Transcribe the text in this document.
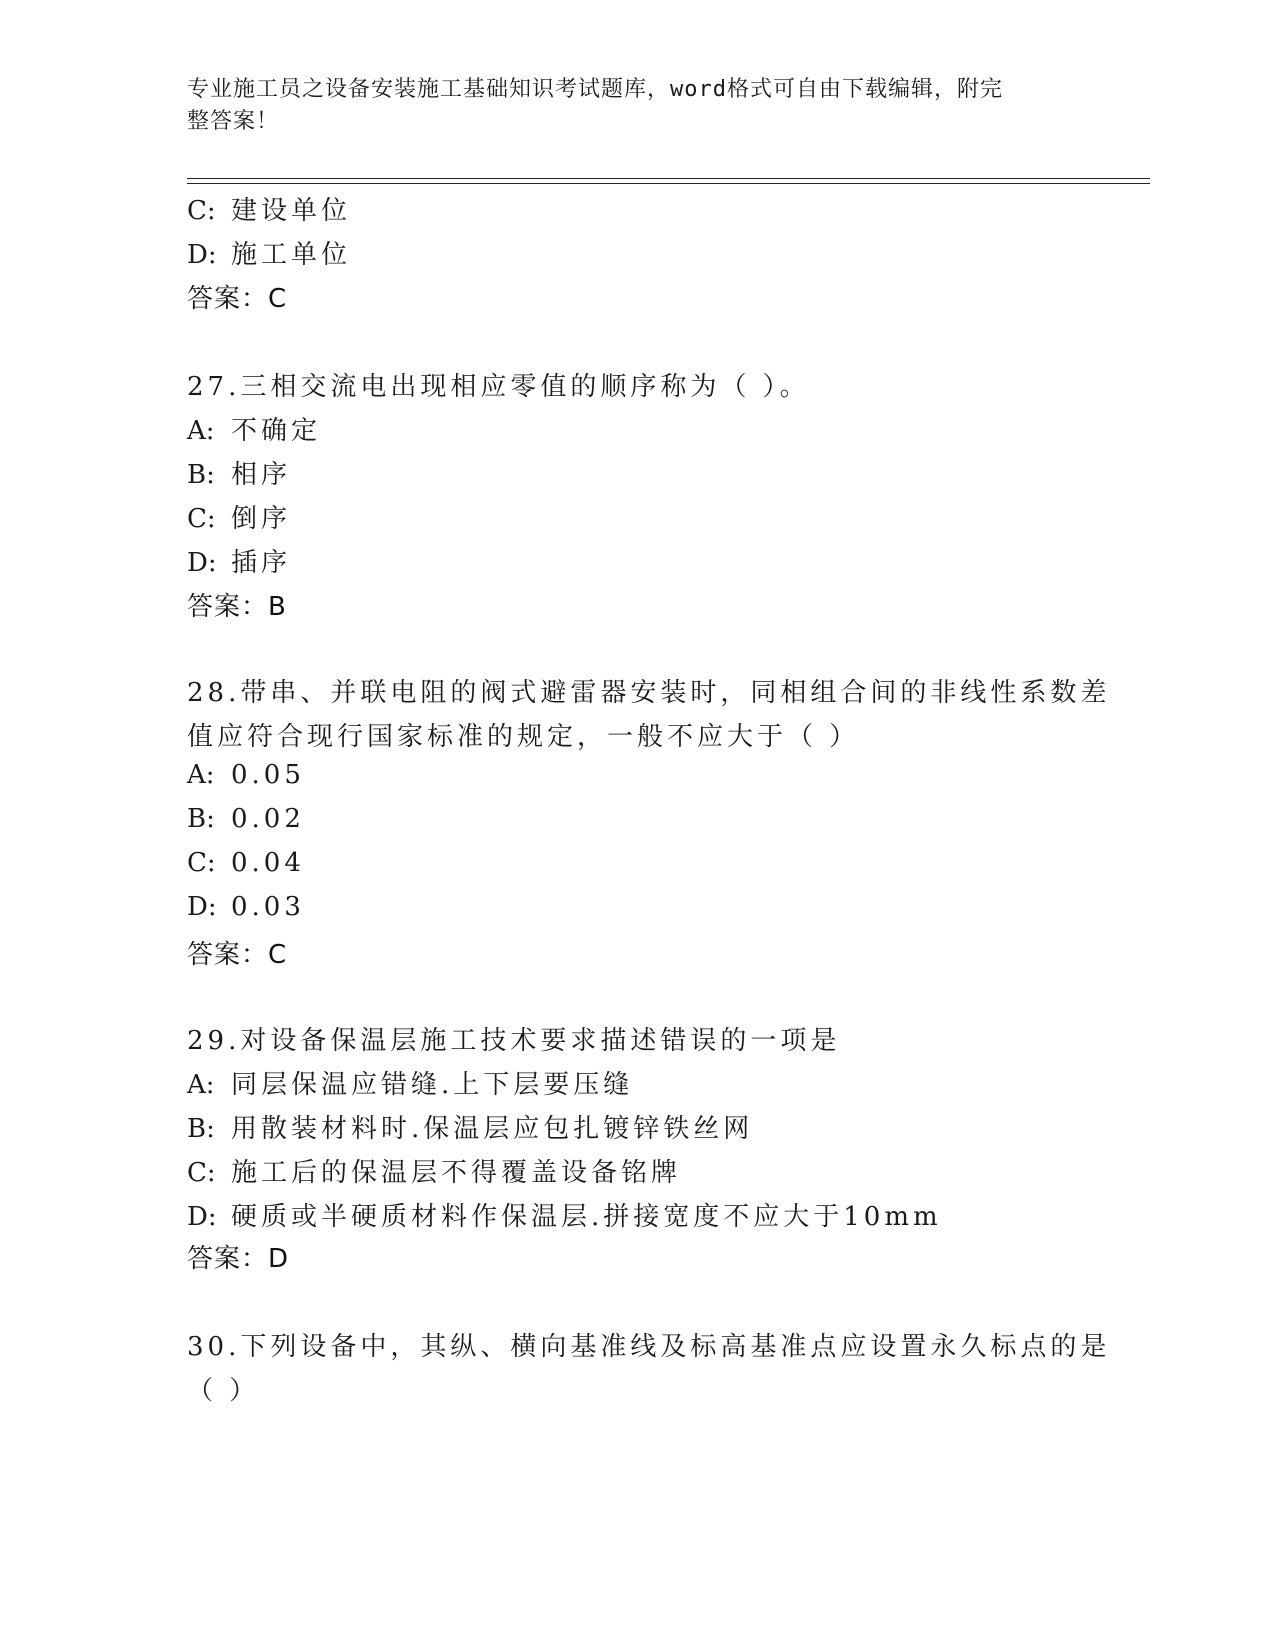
专业施工员之设备安装施工基础知识考试题库，word格式可自由下载编辑，附完
整答案！
C: 建设单位
D: 施工单位
答案：C
27.三相交流电出现相应零值的顺序称为（ ）。
A: 不确定
B: 相序
C: 倒序
D: 插序
答案：B
28.带串、并联电阻的阀式避雷器安装时，同相组合间的非线性系数差
值应符合现行国家标准的规定，一般不应大于（ ）
A: 0.05
B: 0.02
C: 0.04
D: 0.03
答案：C
29.对设备保温层施工技术要求描述错误的一项是
A: 同层保温应错缝.上下层要压缝
B: 用散装材料时.保温层应包扎镀锌铁丝网
C: 施工后的保温层不得覆盖设备铭牌
D: 硬质或半硬质材料作保温层.拼接宽度不应大于10mm
答案：D
30.下列设备中，其纵、横向基准线及标高基准点应设置永久标点的是
（ ）
